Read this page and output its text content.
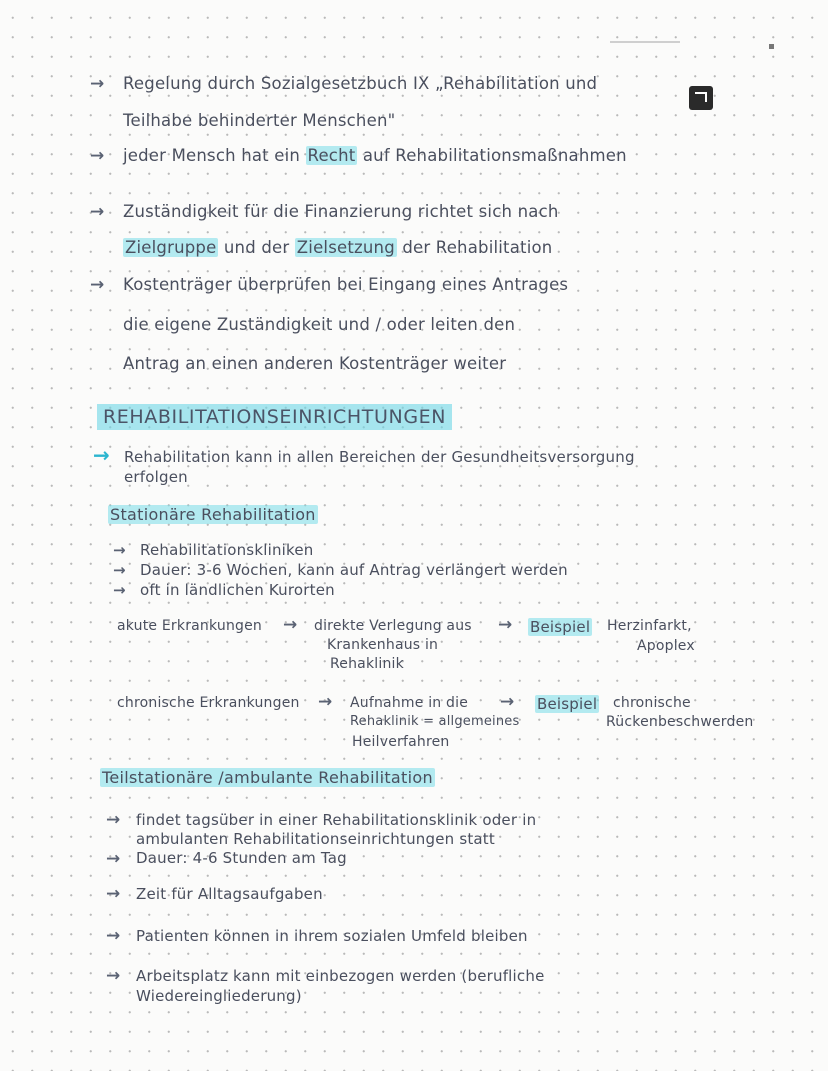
→ Regelung durch Sozialgesetzbuch IX „Rehabilitation und
Teilhabe behinderter Menschen"
→ jeder Mensch hat ein Recht auf Rehabilitationsmaßnahmen
→ Zuständigkeit für die Finanzierung richtet sich nach
Zielgruppe und der Zielsetzung der Rehabilitation
→ Kostenträger überprüfen bei Eingang eines Antrages
die eigene Zuständigkeit und / oder leiten den
Antrag an einen anderen Kostenträger weiter
REHABILITATIONSEINRICHTUNGEN
→ Rehabilitation kann in allen Bereichen der Gesundheitsversorgung
erfolgen
Stationäre Rehabilitation
→ Rehabilitationskliniken
→ Dauer: 3-6 Wochen, kann auf Antrag verlängert werden
→ oft in ländlichen Kurorten
akute Erkrankungen → direkte Verlegung aus →
Krankenhaus in
Rehaklinik
Beispiel Herzinfarkt,
Apoplex
chronische Erkrankungen → Aufnahme in die →
Rehaklinik = allgemeines
Heilverfahren
Beispiel chronische
Rückenbeschwerden
Teilstationäre /ambulante Rehabilitation
→ findet tagsüber in einer Rehabilitationsklinik oder in
ambulanten Rehabilitationseinrichtungen statt
→ Dauer: 4-6 Stunden am Tag
→ Zeit für Alltagsaufgaben
→ Patienten können in ihrem sozialen Umfeld bleiben
→ Arbeitsplatz kann mit einbezogen werden (berufliche
Wiedereingliederung)
